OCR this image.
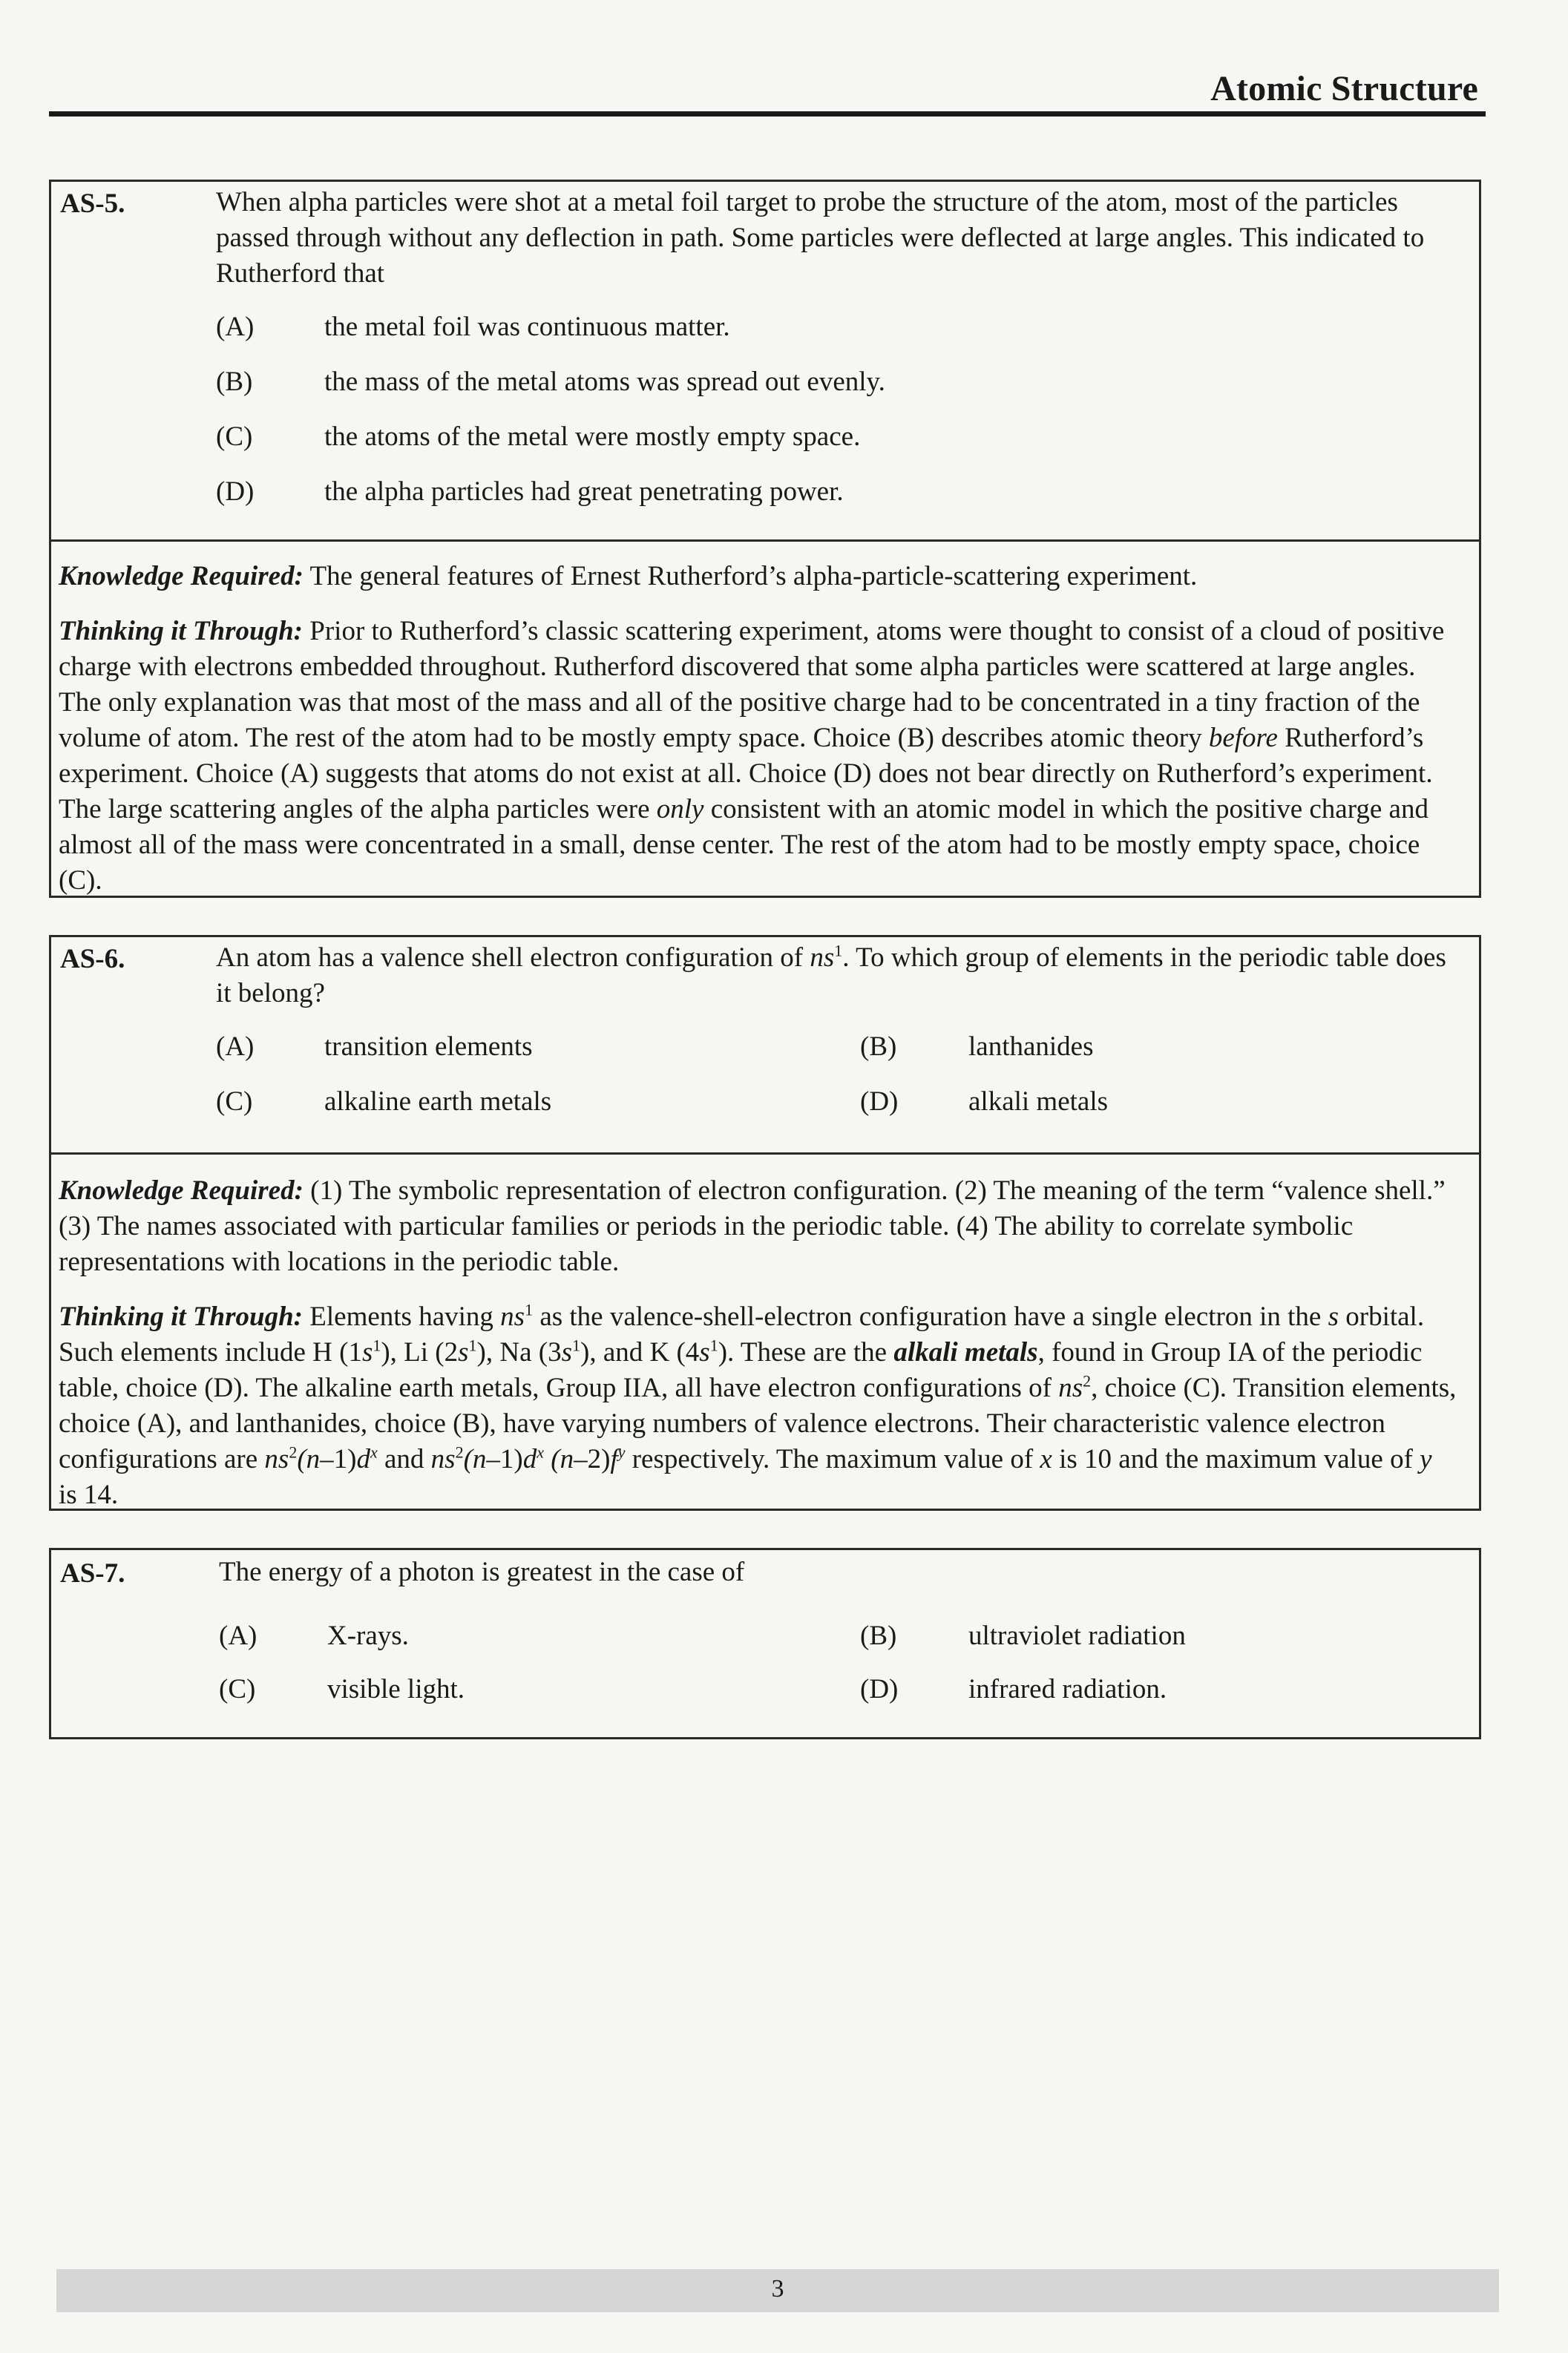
Atomic Structure
AS-5.	When alpha particles were shot at a metal foil target to probe the structure of the atom, most of the particles passed through without any deflection in path. Some particles were deflected at large angles. This indicated to Rutherford that
(A)	the metal foil was continuous matter.
(B)	the mass of the metal atoms was spread out evenly.
(C)	the atoms of the metal were mostly empty space.
(D)	the alpha particles had great penetrating power.

Knowledge Required: The general features of Ernest Rutherford’s alpha-particle-scattering experiment.

Thinking it Through: Prior to Rutherford’s classic scattering experiment, atoms were thought to consist of a cloud of positive charge with electrons embedded throughout. Rutherford discovered that some alpha particles were scattered at large angles. The only explanation was that most of the mass and all of the positive charge had to be concentrated in a tiny fraction of the volume of atom. The rest of the atom had to be mostly empty space. Choice (B) describes atomic theory before Rutherford’s experiment. Choice (A) suggests that atoms do not exist at all. Choice (D) does not bear directly on Rutherford’s experiment. The large scattering angles of the alpha particles were only consistent with an atomic model in which the positive charge and almost all of the mass were concentrated in a small, dense center. The rest of the atom had to be mostly empty space, choice (C).

AS-6.	An atom has a valence shell electron configuration of $ns^1$. To which group of elements in the periodic table does it belong?
(A)	transition elements	(B)	lanthanides
(C)	alkaline earth metals	(D)	alkali metals

Knowledge Required: (1) The symbolic representation of electron configuration. (2) The meaning of the term “valence shell.” (3) The names associated with particular families or periods in the periodic table. (4) The ability to correlate symbolic representations with locations in the periodic table.

Thinking it Through: Elements having $ns^1$ as the valence-shell-electron configuration have a single electron in the s orbital. Such elements include H $(1s^1)$, Li $(2s^1)$, Na $(3s^1)$, and K $(4s^1)$. These are the alkali metals, found in Group IA of the periodic table, choice (D). The alkaline earth metals, Group IIA, all have electron configurations of $ns^2$, choice (C). Transition elements, choice (A), and lanthanides, choice (B), have varying numbers of valence electrons. Their characteristic valence electron configurations are $ns^2(n-1)d^x$ and $ns^2(n-1)d^x$ $(n-2)f^y$ respectively. The maximum value of x is 10 and the maximum value of y is 14.

AS-7.	The energy of a photon is greatest in the case of
(A)	X-rays.	(B)	ultraviolet radiation
(C)	visible light.	(D)	infrared radiation.
3
